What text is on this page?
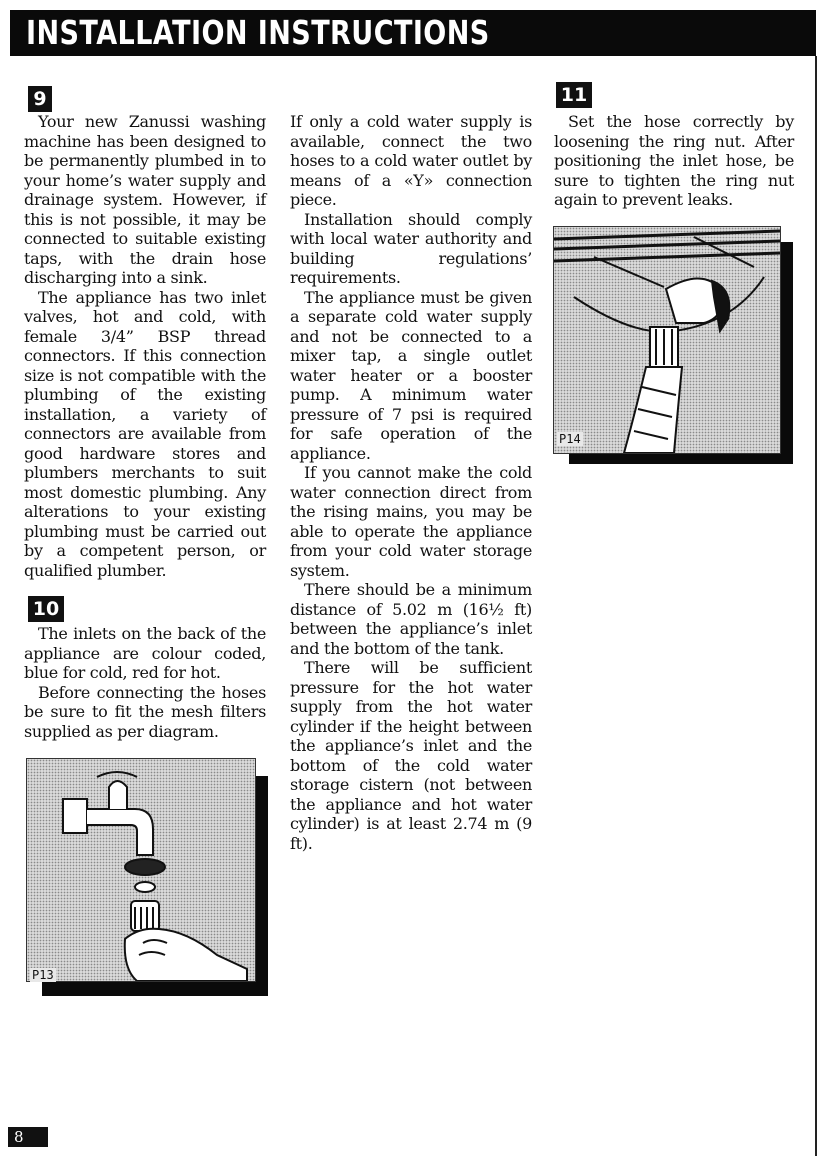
INSTALLATION INSTRUCTIONS
9

Your new Zanussi washing machine has been designed to be permanently plumbed in to your home’s water supply and drainage system. However, if this is not possible, it may be connected to suitable existing taps, with the drain hose discharging into a sink.

The appliance has two inlet valves, hot and cold, with female 3/4” BSP thread connectors. If this connection size is not compatible with the plumbing of the existing installation, a variety of connectors are available from good hardware stores and plumbers merchants to suit most domestic plumbing. Any alterations to your existing plumbing must be carried out by a competent person, or qualified plumber.

10

The inlets on the back of the appliance are colour coded, blue for cold, red for hot.

Before connecting the hoses be sure to fit the mesh filters supplied as per diagram.

P13

If only a cold water supply is available, connect the two hoses to a cold water outlet by means of a «Y» connection piece.

Installation should comply with local water authority and building regulations’ requirements.

The appliance must be given a separate cold water supply and not be connected to a mixer tap, a single outlet water heater or a booster pump. A minimum water pressure of 7 psi is required for safe operation of the appliance.

If you cannot make the cold water connection direct from the rising mains, you may be able to operate the appliance from your cold water storage system.

There should be a minimum distance of 5.02 m (16½ ft) between the appliance’s inlet and the bottom of the tank.

There will be sufficient pressure for the hot water supply from the hot water cylinder if the height between the appliance’s inlet and the bottom of the cold water storage cistern (not between the appliance and hot water cylinder) is at least 2.74 m (9 ft).

11

Set the hose correctly by loosening the ring nut. After positioning the inlet hose, be sure to tighten the ring nut again to prevent leaks.

P14
8
